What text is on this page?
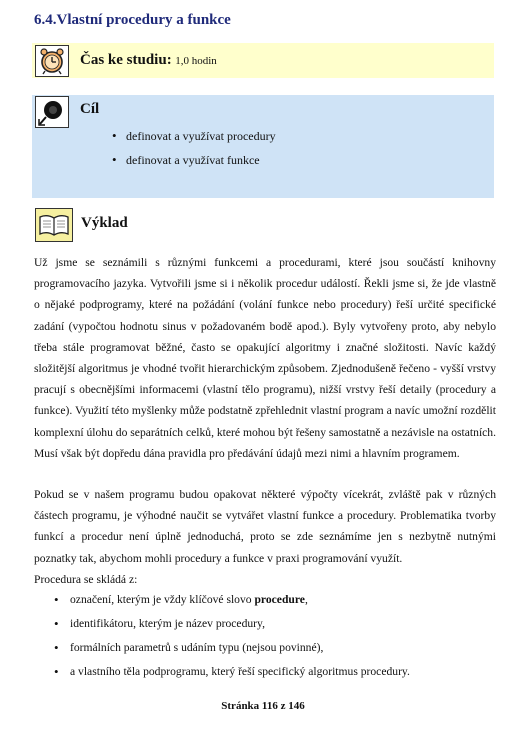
6.4.Vlastní procedury a funkce
Čas ke studiu: 1,0 hodin
Cíl
• definovat a využívat procedury
• definovat a využívat funkce
Výklad

Už jsme se seznámili s různými funkcemi a procedurami, které jsou součástí knihovny programovacího jazyka. Vytvořili jsme si i několik procedur událostí. Řekli jsme si, že jde vlastně o nějaké podprogramy, které na požádání (volání funkce nebo procedury) řeší určité specifické zadání (vypočtou hodnotu sinus v požadovaném bodě apod.). Byly vytvořeny proto, aby nebylo třeba stále programovat běžné, často se opakující algoritmy i značné složitosti. Navíc každý složitější algoritmus je vhodné tvořit hierarchickým způsobem. Zjednodušeně řečeno - vyšší vrstvy pracují s obecnějšími informacemi (vlastní tělo programu), nižší vrstvy řeší detaily (procedury a funkce). Využití této myšlenky může podstatně zpřehlednit vlastní program a navíc umožní rozdělit komplexní úlohu do separátních celků, které mohou být řešeny samostatně a nezávisle na ostatních. Musí však být dopředu dána pravidla pro předávání údajů mezi nimi a hlavním programem.

Pokud se v našem programu budou opakovat některé výpočty vícekrát, zvláště pak v různých částech programu, je výhodné naučit se vytvářet vlastní funkce a procedury. Problematika tvorby funkcí a procedur není úplně jednoduchá, proto se zde seznámíme jen s nezbytně nutnými poznatky tak, abychom mohli procedury a funkce v praxi programování využít.

Procedura se skládá z:

• označení, kterým je vždy klíčové slovo procedure,
• identifikátoru, kterým je název procedury,
• formálních parametrů s udáním typu (nejsou povinné),
• a vlastního těla podprogramu, který řeší specifický algoritmus procedury.
Stránka 116 z 146
